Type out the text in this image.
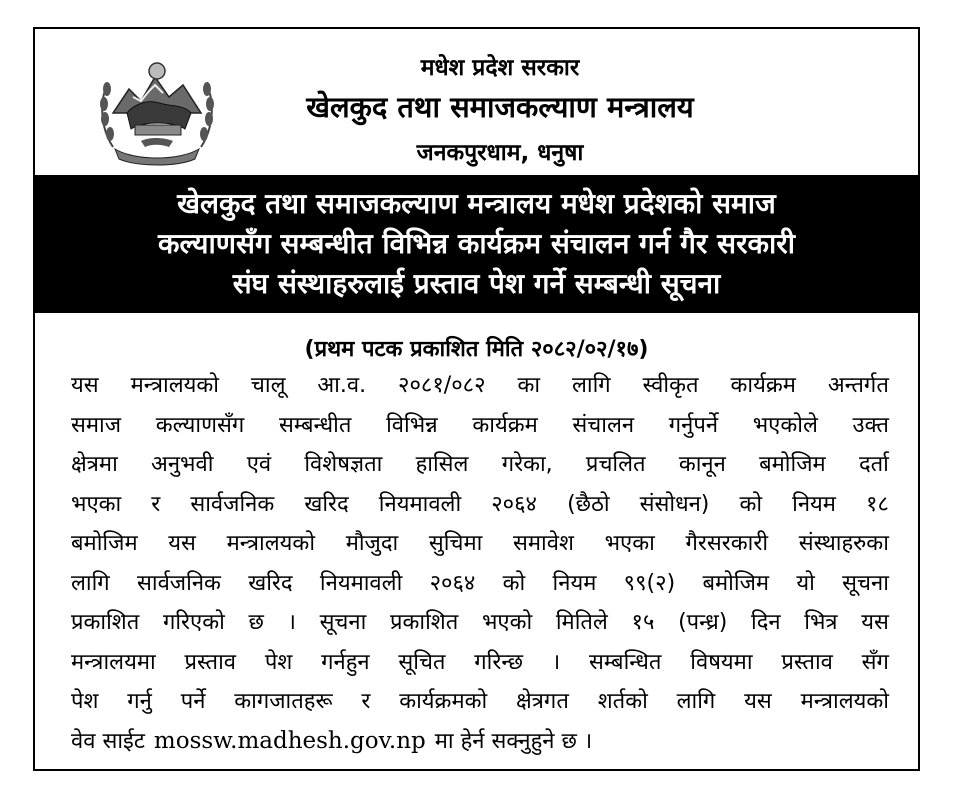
मधेश प्रदेश सरकार
खेलकुद तथा समाजकल्याण मन्त्रालय
जनकपुरधाम, धनुषा
खेलकुद तथा समाजकल्याण मन्त्रालय मधेश प्रदेशको समाज
कल्याणसँग सम्बन्धीत विभिन्न कार्यक्रम संचालन गर्न गैर सरकारी
संघ संस्थाहरुलाई प्रस्ताव पेश गर्ने सम्बन्धी सूचना
(प्रथम पटक प्रकाशित मिति २०८२/०२/१७)
यस मन्त्रालयको चालू आ.व. २०८१/०८२ का लागि स्वीकृत कार्यक्रम अन्तर्गत
समाज कल्याणसँग सम्बन्धीत विभिन्न कार्यक्रम संचालन गर्नुपर्ने भएकोले उक्त
क्षेत्रमा अनुभवी एवं विशेषज्ञता हासिल गरेका, प्रचलित कानून बमोजिम दर्ता
भएका र सार्वजनिक खरिद नियमावली २०६४ (छैठो संसोधन) को नियम १८
बमोजिम यस मन्त्रालयको मौजुदा सुचिमा समावेश भएका गैरसरकारी संस्थाहरुका
लागि सार्वजनिक खरिद नियमावली २०६४ को नियम ९९(२) बमोजिम यो सूचना
प्रकाशित गरिएको छ । सूचना प्रकाशित भएको मितिले १५ (पन्ध्र) दिन भित्र यस
मन्त्रालयमा प्रस्ताव पेश गर्नहुन सूचित गरिन्छ । सम्बन्धित विषयमा प्रस्ताव सँग
पेश गर्नु पर्ने कागजातहरू र कार्यक्रमको क्षेत्रगत शर्तको लागि यस मन्त्रालयको
वेव साईट mossw.madhesh.gov.np मा हेर्न सक्नुहुने छ ।
